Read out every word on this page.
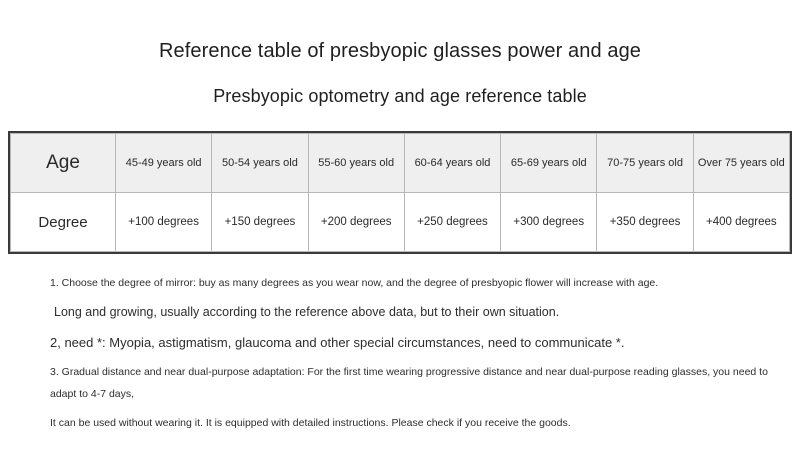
Reference table of presbyopic glasses power and age
Presbyopic optometry and age reference table
Age	45-49 years old	50-54 years old	55-60 years old	60-64 years old	65-69 years old	70-75 years old	Over 75 years old
Degree	+100 degrees	+150 degrees	+200 degrees	+250 degrees	+300 degrees	+350 degrees	+400 degrees

1. Choose the degree of mirror: buy as many degrees as you wear now, and the degree of presbyopic flower will increase with age.

Long and growing, usually according to the reference above data, but to their own situation.

2, need *: Myopia, astigmatism, glaucoma and other special circumstances, need to communicate *.

3. Gradual distance and near dual-purpose adaptation: For the first time wearing progressive distance and near dual-purpose reading glasses, you need to adapt to 4-7 days,

It can be used without wearing it. It is equipped with detailed instructions. Please check if you receive the goods.
